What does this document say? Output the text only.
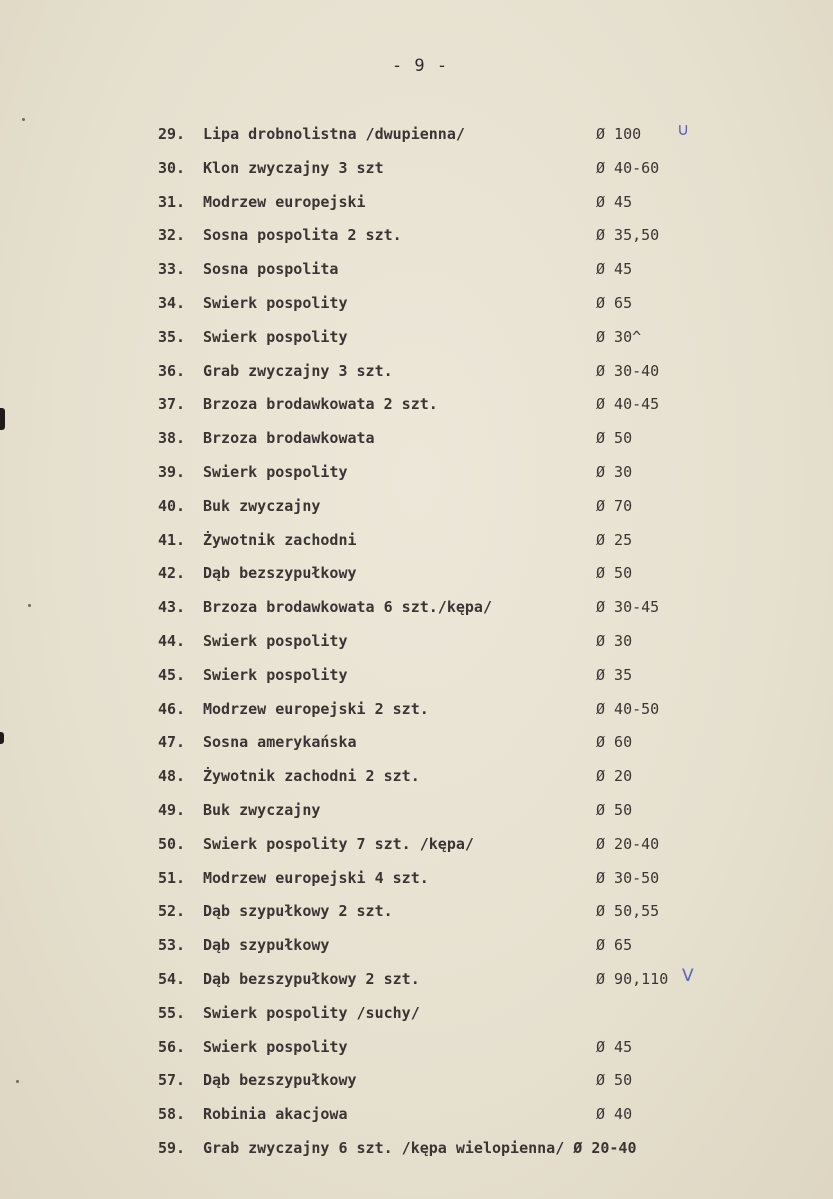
- 9 -
29.	Lipa drobnolistna /dwupienna/	Ø 100 ∪
30.	Klon zwyczajny 3 szt	Ø 40-60
31.	Modrzew europejski	Ø 45
32.	Sosna pospolita 2 szt.	Ø 35,50
33.	Sosna pospolita	Ø 45
34.	Swierk pospolity	Ø 65
35.	Swierk pospolity	Ø 30^
36.	Grab zwyczajny 3 szt.	Ø 30-40
37.	Brzoza brodawkowata 2 szt.	Ø 40-45
38.	Brzoza brodawkowata	Ø 50
39.	Swierk pospolity	Ø 30
40.	Buk zwyczajny	Ø 70
41.	Żywotnik zachodni	Ø 25
42.	Dąb bezszypułkowy	Ø 50
43.	Brzoza brodawkowata 6 szt./kępa/	Ø 30-45
44.	Swierk pospolity	Ø 30
45.	Swierk pospolity	Ø 35
46.	Modrzew europejski 2 szt.	Ø 40-50
47.	Sosna amerykańska	Ø 60
48.	Żywotnik zachodni 2 szt.	Ø 20
49.	Buk zwyczajny	Ø 50
50.	Swierk pospolity 7 szt. /kępa/	Ø 20-40
51.	Modrzew europejski 4 szt.	Ø 30-50
52.	Dąb szypułkowy 2 szt.	Ø 50,55
53.	Dąb szypułkowy	Ø 65
54.	Dąb bezszypułkowy 2 szt.	Ø 90,110 V
55.	Swierk pospolity /suchy/
56.	Swierk pospolity	Ø 45
57.	Dąb bezszypułkowy	Ø 50
58.	Robinia akacjowa	Ø 40
59.	Grab zwyczajny 6 szt. /kępa wielopienna/ Ø 20-40
